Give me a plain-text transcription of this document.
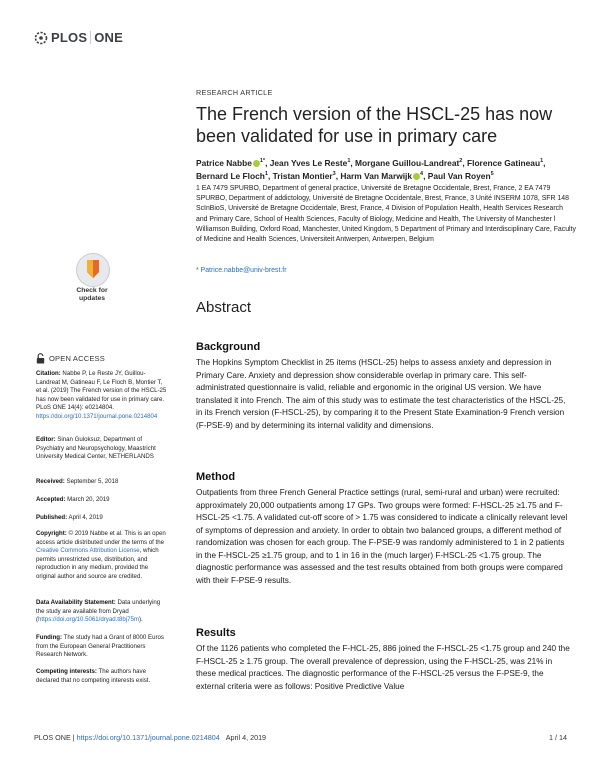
PLOS ONE
RESEARCH ARTICLE
The French version of the HSCL-25 has now been validated for use in primary care
Patrice Nabbe $^{1*}$, Jean Yves Le Reste$^1$, Morgane Guillou-Landreat$^2$, Florence Gatineau$^1$, Bernard Le Floch$^1$, Tristan Montier$^3$, Harm Van Marwijk $^4$, Paul Van Royen$^5$
1 EA 7479 SPURBO, Department of general practice, Université de Bretagne Occidentale, Brest, France, 2 EA 7479 SPURBO, Department of addictology, Université de Bretagne Occidentale, Brest, France, 3 Unité INSERM 1078, SFR 148 ScInBioS, Université de Bretagne Occidentale, Brest, France, 4 Division of Population Health, Health Services Research and Primary Care, School of Health Sciences, Faculty of Biology, Medicine and Health, The University of Manchester l Williamson Building, Oxford Road, Manchester, United Kingdom, 5 Department of Primary and Interdisciplinary Care, Faculty of Medicine and Health Sciences, Universiteit Antwerpen, Antwerpen, Belgium
* Patrice.nabbe@univ-brest.fr
Abstract
Background
The Hopkins Symptom Checklist in 25 items (HSCL-25) helps to assess anxiety and depression in Primary Care. Anxiety and depression show considerable overlap in primary care. This self-administrated questionnaire is valid, reliable and ergonomic in the original US version. We have translated it into French. The aim of this study was to estimate the test characteristics of the HSCL-25, in its French version (F-HSCL-25), by comparing it to the Present State Examination-9 French version (F-PSE-9) and by determining its internal validity and dimensions.
Method
Outpatients from three French General Practice settings (rural, semi-rural and urban) were recruited: approximately 20,000 outpatients among 17 GPs. Two groups were formed: F-HSCL-25 ≥1.75 and F-HSCL-25 <1.75. A validated cut-off score of > 1.75 was considered to indicate a clinically relevant level of symptoms of depression and anxiety. In order to obtain two balanced groups, a different method of randomization was chosen for each group. The F-PSE-9 was randomly administered to 1 in 2 patients in the F-HSCL-25 ≥1.75 group, and to 1 in 16 in the (much larger) F-HSCL-25 <1.75 group. The diagnostic performance was assessed and the test results obtained from both groups were compared with their F-PSE-9 results.
Results
Of the 1126 patients who completed the F-HCL-25, 886 joined the F-HSCL-25 <1.75 group and 240 the F-HSCL-25 ≥ 1.75 group. The overall prevalence of depression, using the F-HSCL-25, was 21% in these medical practices. The diagnostic performance of the F-HSCL-25 versus the F-PSE-9, the external criteria were as follows: Positive Predictive Value
Check for updates
OPEN ACCESS
Citation: Nabbe P, Le Reste JY, Guillou-Landreat M, Gatineau F, Le Floch B, Montier T, et al. (2019) The French version of the HSCL-25 has now been validated for use in primary care. PLoS ONE 14(4): e0214804. https://doi.org/10.1371/journal.pone.0214804
Editor: Sinan Guloksuz, Department of Psychiatry and Neuropsychology, Maastricht University Medical Center, NETHERLANDS
Received: September 5, 2018
Accepted: March 20, 2019
Published: April 4, 2019
Copyright: © 2019 Nabbe et al. This is an open access article distributed under the terms of the Creative Commons Attribution License, which permits unrestricted use, distribution, and reproduction in any medium, provided the original author and source are credited.
Data Availability Statement: Data underlying the study are available from Dryad (https://doi.org/10.5061/dryad.t8bj75m).
Funding: The study had a Grant of 8000 Euros from the European General Practitioners Research Network.
Competing interests: The authors have declared that no competing interests exist.
PLOS ONE | https://doi.org/10.1371/journal.pone.0214804 April 4, 2019	1 / 14
